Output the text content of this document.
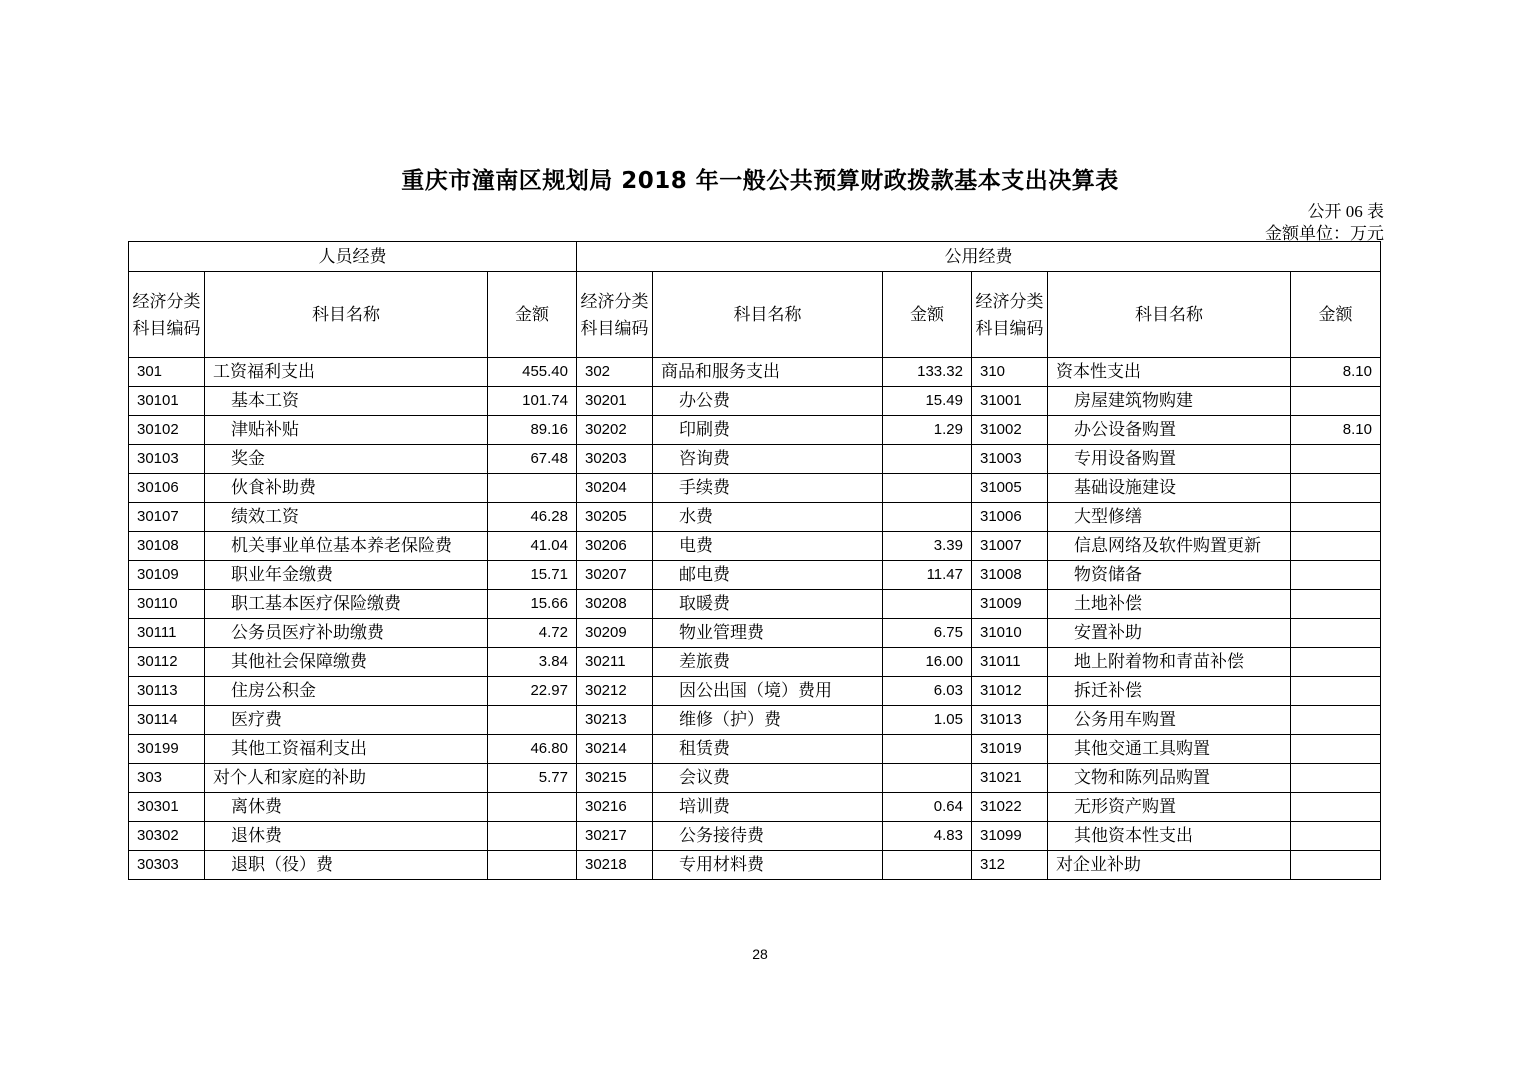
重庆市潼南区规划局 2018 年一般公共预算财政拨款基本支出决算表
公开 06 表
金额单位：万元
人员经费			公用经费					
经济分类科目编码	科目名称	金额	经济分类科目编码	科目名称	金额	经济分类科目编码	科目名称	金额
301	工资福利支出	455.40	302	商品和服务支出	133.32	310	资本性支出	8.10
30101	基本工资	101.74	30201	办公费	15.49	31001	房屋建筑物购建	
30102	津贴补贴	89.16	30202	印刷费	1.29	31002	办公设备购置	8.10
30103	奖金	67.48	30203	咨询费		31003	专用设备购置	
30106	伙食补助费		30204	手续费		31005	基础设施建设	
30107	绩效工资	46.28	30205	水费		31006	大型修缮	
30108	机关事业单位基本养老保险费	41.04	30206	电费	3.39	31007	信息网络及软件购置更新	
30109	职业年金缴费	15.71	30207	邮电费	11.47	31008	物资储备	
30110	职工基本医疗保险缴费	15.66	30208	取暖费		31009	土地补偿	
30111	公务员医疗补助缴费	4.72	30209	物业管理费	6.75	31010	安置补助	
30112	其他社会保障缴费	3.84	30211	差旅费	16.00	31011	地上附着物和青苗补偿	
30113	住房公积金	22.97	30212	因公出国（境）费用	6.03	31012	拆迁补偿	
30114	医疗费		30213	维修（护）费	1.05	31013	公务用车购置	
30199	其他工资福利支出	46.80	30214	租赁费		31019	其他交通工具购置	
303	对个人和家庭的补助	5.77	30215	会议费		31021	文物和陈列品购置	
30301	离休费		30216	培训费	0.64	31022	无形资产购置	
30302	退休费		30217	公务接待费	4.83	31099	其他资本性支出	
30303	退职（役）费		30218	专用材料费		312	对企业补助	
28
